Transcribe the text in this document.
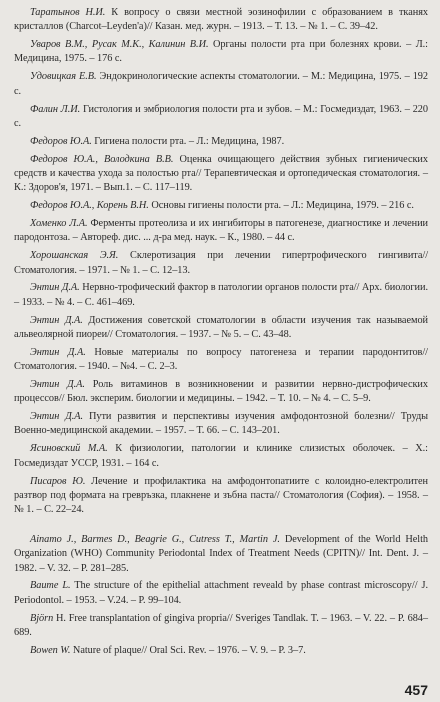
Таратынов Н.И. К вопросу о связи местной эозинофилии с образованием в тканях кристаллов (Charcot–Leyden'a)// Казан. мед. журн. – 1913. – Т. 13. – № 1. – С. 39–42.
Уваров В.М., Русак М.К., Калинин В.И. Органы полости рта при болезнях крови. – Л.: Медицина, 1975. – 176 с.
Удовицкая Е.В. Эндокринологические аспекты стоматологии. – М.: Медицина, 1975. – 192 с.
Фалин Л.И. Гистология и эмбриология полости рта и зубов. – М.: Госмедиздат, 1963. – 220 с.
Федоров Ю.А. Гигиена полости рта. – Л.: Медицина, 1987.
Федоров Ю.А., Володкина В.В. Оценка очищающего действия зубных гигиенических средств и качества ухода за полостью рта// Терапевтическая и ортопедическая стоматология. – К.: Здоров'я, 1971. – Вып.1. – С. 117–119.
Федоров Ю.А., Корень В.Н. Основы гигиены полости рта. – Л.: Медицина, 1979. – 216 с.
Хоменко Л.А. Ферменты протеолиза и их ингибиторы в патогенезе, диагностике и лечении пародонтоза. – Автореф. дис. ... д-ра мед. наук. – К., 1980. – 44 с.
Хорошанская Э.Я. Склеротизация при лечении гипертрофического гингивита// Стоматология. – 1971. – № 1. – С. 12–13.
Энтин Д.А. Нервно-трофический фактор в патологии органов полости рта// Арх. биологии. – 1933. – № 4. – С. 461–469.
Энтин Д.А. Достижения советской стоматологии в области изучения так называемой альвеолярной пиореи// Стоматология. – 1937. – № 5. – С. 43–48.
Энтин Д.А. Новые материалы по вопросу патогенеза и терапии пародонтитов// Стоматология. – 1940. – №4. – С. 2–3.
Энтин Д.А. Роль витаминов в возникновении и развитии нервно-дистрофических процессов// Бюл. эксперим. биологии и медицины. – 1942. – Т. 10. – № 4. – С. 5–9.
Энтин Д.А. Пути развития и перспективы изучения амфодонтозной болезни// Труды Военно-медицинской академии. – 1957. – Т. 66. – С. 143–201.
Ясиновский М.А. К физиологии, патологии и клинике слизистых оболочек. – Х.: Госмедиздат УССР, 1931. – 164 с.
Писаров Ю. Лечение и профилактика на амфодонтопатиите с колоидно-електролитен разтвор под формата на гревръзка, плакнене и зъбна паста// Стоматология (София). – 1958. – № 1. – С. 22–24.
Ainamo J., Barmes D., Beagrie G., Cutress T., Martin J. Development of the World Helth Organization (WHO) Community Periodontal Index of Treatment Needs (CPITN)// Int. Dent. J. – 1982. – V. 32. – P. 281–285.
Baume L. The structure of the epithelial attachment reveald by phase contrast microscopy// J. Periodontol. – 1953. – V.24. – P. 99–104.
Björn H. Free transplantation of gingiva propria// Sveriges Tandlak. T. – 1963. – V. 22. – P. 684–689.
Bowen W. Nature of plaque// Oral Sci. Rev. – 1976. – V. 9. – P. 3–7.
457
